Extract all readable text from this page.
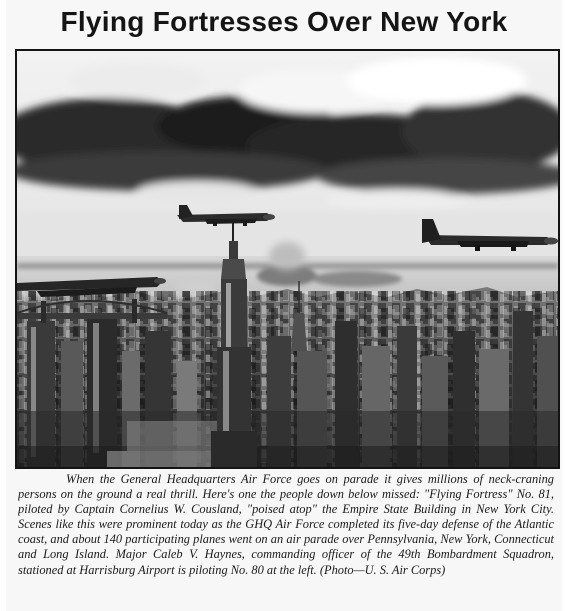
Flying Fortresses Over New York

When the General Headquarters Air Force goes on parade it gives millions of neck-craning persons on the ground a real thrill. Here's one the people down below missed: "Flying Fortress" No. 81, piloted by Captain Cornelius W. Cousland, "poised atop" the Empire State Building in New York City. Scenes like this were prominent today as the GHQ Air Force completed its five-day defense of the Atlantic coast, and about 140 participating planes went on an air parade over Pennsylvania, New York, Connecticut and Long Island. Major Caleb V. Haynes, commanding officer of the 49th Bombardment Squadron, stationed at Harrisburg Airport is piloting No. 80 at the left. (Photo—U. S. Air Corps)
